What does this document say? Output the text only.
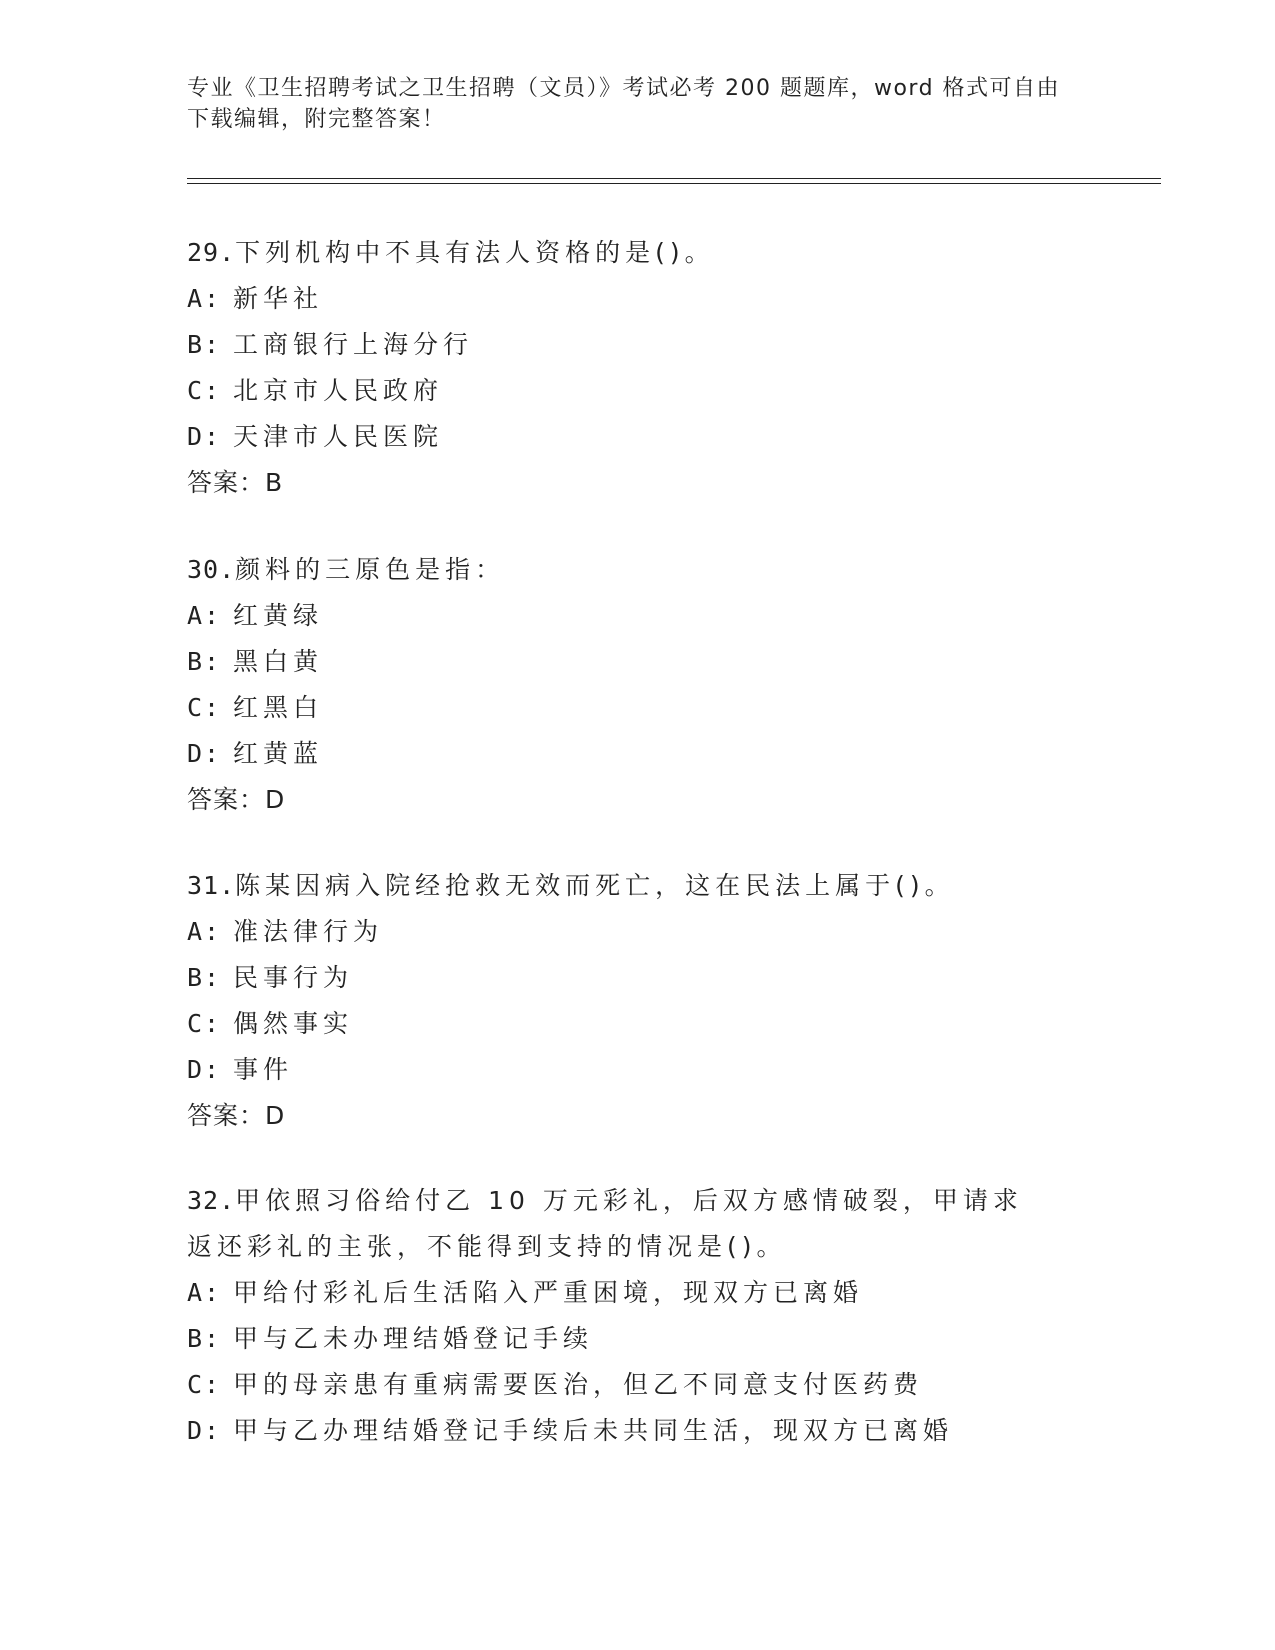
专业《卫生招聘考试之卫生招聘（文员）》考试必考 200 题题库，word 格式可自由下载编辑，附完整答案！
29.下列机构中不具有法人资格的是()。
A: 新华社
B: 工商银行上海分行
C: 北京市人民政府
D: 天津市人民医院
答案：B
30.颜料的三原色是指：
A: 红黄绿
B: 黑白黄
C: 红黑白
D: 红黄蓝
答案：D
31.陈某因病入院经抢救无效而死亡，这在民法上属于()。
A: 准法律行为
B: 民事行为
C: 偶然事实
D: 事件
答案：D
32.甲依照习俗给付乙 10 万元彩礼，后双方感情破裂，甲请求返还彩礼的主张，不能得到支持的情况是()。
A: 甲给付彩礼后生活陷入严重困境，现双方已离婚
B: 甲与乙未办理结婚登记手续
C: 甲的母亲患有重病需要医治，但乙不同意支付医药费
D: 甲与乙办理结婚登记手续后未共同生活，现双方已离婚
